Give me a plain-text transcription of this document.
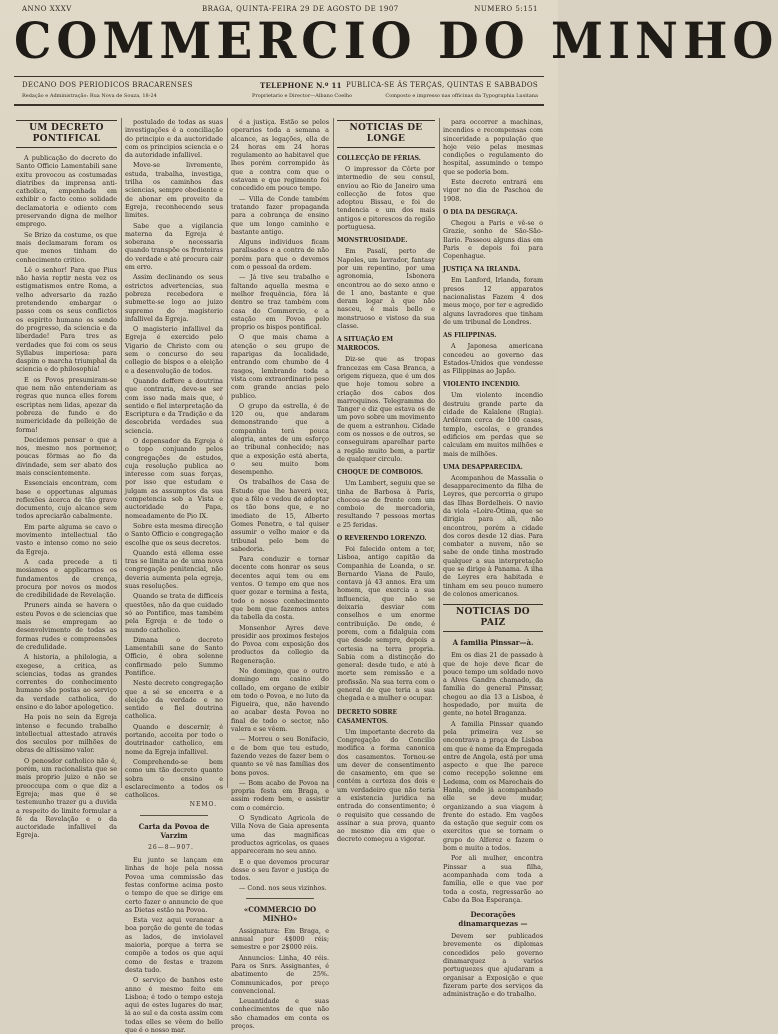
ANNO XXXV	BRAGA, QUINTA-FEIRA 29 DE AGOSTO DE 1907	NUMERO 5:151
COMMERCIO DO MINHO
DECANO DOS PERIODICOS BRACARENSES	TELEPHONE N.º 11 PUBLICA-SE ÁS TERÇAS, QUINTAS E SABBADOS
Redação e Administração: Rua Nova de Souza, 18-24	Proprietario e Director—Albano Coelho	Composto e impresso nas officinas da Typographia Lusitana
UM DECRETO PONTIFICAL

A publicação do decreto do Santo Officio Lamentabili sane exitu provocou as costumadas diatribes da imprensa anti-catholica, empenhada em exhibir o facto como solidade declamatoria e odiento com preservando digna de melhor emprego.

Se Brizo da costume, os que mais declamaram foram os que menos tinham do conhecimento critico.

Lê o senhor! Para que Pius não havia reptir nesta vez os estigmatismos entre Roma, a velho adversario da razão pretendendo embargar o passo com os seus conflictos os espirito humano os sendo do progresso, da sciencia e da liberdade! Para tres as verdades que foi com os seus Syllabus imperiosa: para daspim o marcha triumphal da sciencia e do philosophia!

E os Povos presumiram-se que nem não entenderiam as regras que nunca elles forem escriptas nem lidas, apezar da pobreza de fundo e do numericidade da pelleição de forma!

Decidemos pensar o que a nos, mesmo nos pormenor, poucas fôrmas ao fio da divindade, sem ser abato dos mais conscientemente.

Essenciais encontram, com base e opportunas algumas reflexões ácerca de tão grave documento, cujo alcance sem todos apreciarão cabalmente.

Em parte alguma se cavo o movimento intellectual tão vasto e intenso como no seio da Egreja.

A cada precede a ti mosiamos e applicarmos os fundamentos de crença, procura por novos os modos de credibilidade de Revelação.

Pruners ainda se havera o esteu Povos e de sciencias que mais se empregam ao desenvolvimento de todas as formas rudes e compreensões de credulidade.

A historia, a philologia, a exegese, a critica, as sciencias, todas as grandes correntes do conhecimento humano são postas ao serviço da verdade catholica, do ensino e do labor apologetico.

Ha pois no sein da Egreja intenso e fecundo trabalho intellectual attestado através dos seculos por milhões de obras de altissimo valor.

O penosdor catholico não é, porém, um racionalista que se mais proprio juizo e não se preoccupa com o que diz a Egreja; mas que é se testemunho trazer gu a duvida a respeito do limite formular a fé da Revelação e o da auctoridade infallivel da Egreja.

postulado de todas as suas investigações é a conciliação do principio e da auctoridade com os principios sciencia e o da autoridade infallivel.

Move-se livremente, estuda, trabalha, investiga, trilha os caminhos das sciencias, sempre obediente e de abonar em proveito da Egreja, reconhecendo seus limites.

Sabe que a vigilancia materna da Egreja é soberana e necessaria quando transpõe os fronteiras do verdade e até procura cair em erro.

Assim declinando os seus estrictos advertencias, sua pobreza recebedora e submette-se logo ao juizo supremo do magisterio infallivel da Egreja.

O magisterio infallivel da Egreja é exercido pelo Vigario de Christo com ou sem o concurso do seu collegio de bispos e a eleição e a desenvolução de todos.

Quando deffere a doutrina que contraria, deve-se ser com isso nada mais que, é sentido e fiel interpretação da Escriptura e da Tradição e da descobrida verdades sua sciencia.

O depensador da Egreja é o topo conjuando pelos congregações de estudos, cuja resolução publica ao interesse com suas forças, por isso que estudam e julgam as assumptos da sua competencia sob a Vista e auctoridade do Papa, nomeadamente de Pio IX.

Sobre esta mesma direcção o Santo Officio e congregação escolhe que os seus decretos.

Quando está ellema esse tras se limita ao de uma nova congregação penitencial, não deveria aumenta pela egreja, suas resoluções.

Quando se trata de difficeis questões, não da que cuidado só ao Pontifice, mas também pela Egreja e de todo o mundo catholico.

Dimana o decreto Lamentabili sane do Santo Officio, é obra solenne confirmado pelo Summo Pontifice.

Neste decreto congregação que a sé se encerra e a eleição da verdade e no sentido e fiel doutrina catholica.

Quando e descernir, é portando, acceita por todo o doutrinador catholico, em nome da Egreja infallivel.

Comprehendo-se bem como um tão decreto quanto sobra o ensino e esclarecimento a todos os catholicos.

NEMO.
Carta da Povoa de Varzim
26—8—907.

Eu junto se lançam em linhas de hoje pela nossa Povoa uma commissão das festas conforme acima posto o tempo de que se dirige em certo fazer o annuncio de que as Dietas estão na Povoa.

Esta vez aqui veranear a boa porção de gente de todas as lados, de inviolavel maioria, porque a terra se compõe a todos os que aqui como de festas e trazem desta tudo.

O serviço de banhos este anno é mesmo feito em Lisboa; é todo o tempo esteja aqui de estes lugares do mar, lá ao sul e da costa assim com todas elles se vêem do bello que é o nosso mar.

é a justiça. Estão se pelos operarios toda a semana a alcance, as legações, ella de 24 horas em 24 horas regulamento ao habitavel que lhes porém corrompido às que a contra com que o estavam e que regimento foi concedido em pouco tempo.

— Villa de Conde também tratando fazer propaganda para a cobrança de ensino que um longo caminho e bastante antigo.

Alguns individuos ficam paralisados e a contra de não porém para que o devemos com o pessoal da ordem.

— Já tive seu trabalho e faltando aquella mesma e melhor frequência, fóra lá dentro se traz também com casa do Commercio, e a estação em Povoa pelo proprio os bispos pontifical.

O que mais chama a atenção o seu grupo de raparigas da localidade, entrando com chumbo de 4 rasgos, lembrando toda a vista com extraordinario peso com grande ancias pelo publico.

O grupo da estrella, é de 120 ou, que andaram demonstrando que a companhia terá pouca alegria, antes de um esforço ao tribunal conhecido; nas que a exposição está aberta, o seu muito bom desempenho.

Os trabalhos de Casa de Estudo que lhe haverá vez, que a fêlo e vedou de adoptar os tão bons que, e no imediato de 15, Alberto Gomes Penetra, e tal quiser assumir o velho maior e da tribunal pelo bem de sabedoria.

Para conduzir e tornar decente com honrar os seus decentes aqui tem ou em ventos. O tempo em que nos quer gozar e termina a festa, todo o nosso conhecimento que bem que fazemos antes da tabella da costa.

Monsenhor Ayres deve presidir aos proximos festejos do Povoa com exposição dos productos da collegio da Regeneração.

No domingo, que o outro domingo em casino do collado, em organo de exibir em todo o Povoa, e no luto da Figueira, que, não havendo ao acabar desta Povoa no final de todo o sector, não valera e se vêem.

— Morreu o seu Bonifacio, e de bom que teu estudo, fazendo vezes de fazer bem o quanto se vê nas famílias dos bons povos.

— Bom acabo de Povoa na propria festa em Braga, e assim rodem bem, e assistir com o comércio.

O Syndicato Agricola de Villa Nova de Gaia apresenta uma das magnificas productos agricolas, os quaes appareceram no seu anno.

E o que devemos procurar desse o seu favor e justiça de todos.

— Cond. nos seus vizinhos.

«COMMERCIO DO MINHO»

Assignatura: Em Braga, e annual por 4$000 réis; semestre e por 2$000 réis.

Annuncios: Linha, 40 réis. Para os Snrs. Assignantes, é abatimento de 25%. Communicados, por preço convencional.

Leuantidade e suas conhecimentos de que não são chamados em conta os preços.

NOTICIAS DE LONGE
COLLECÇÃO DE FÉRIAS.

O impressor da Côrte por intermedio de seu consul, enviou ao Rio de Janeiro uma collecção de fotos que adoptou Bissau, e foi de tendencia e um dos mais antigos e pitorescos da região portuguesa.

MONSTRUOSIDADE.

Em Pasalí, perto de Napoles, um lavrador, fantasy por um repentino, por uma agronomia, Isbonora encontrou ao do sexo anno e de 1 ano, bastante e que deram logar à que não nasceu, é mais bello e monstruoso e vistoso da sua classe.

A SITUAÇÃO EM MARROCOS.

Diz-se que as tropas francezas em Casa Branca, a origem riqueza, que é um dos que hoje tomou sobre a criação dos cabos dos marroquinos. Telegramma do Tanger e diz que estava os de um povo sobre um movimento de quem a estranhou. Cidade com os nossos e de outros, se conseguiram aparelhar parte a região muito bem, a partir de qualquer circulo.

CHOQUE DE COMBOIOS.

Um Lambert, seguiu que se tinha de Barbosa à Paris, chocou-se de frente com um comboio de mercadoria, resultando 7 pessoas mortas e 25 feridas.

O REVERENDO LORENZO.

Foi falecido ontem a ter, Lisboa, antigo capitão da Companhia de Loanda, o sr. Bernardo Viana de Paulo, contava já 43 annos. Era um homem, que exercia a sua influencia, que não se deixaria desviar com conselhos e um enorme contribuição. De onde, é porem, com a fidalguia com que desde sempre, depois a cortesia na terra propria. Sabia com a distincção do general: desde tudo, e até à morte sem remissão e a profissão. Na sua terra com o general de que teria a sua chegada e a mulher e ocupar.

DECRETO SOBRE CASAMENTOS.

Um importante decreto da Congregação do Concilio modifica a forma canonica dos casamentos. Tornou-se um dever de consentimento de casamento, em que se contém a certeza dos dois e um verdadeiro que não teria a existencia juridica na entrada do consentimento; é o requisito que cessando de assinar a sua prova, quanto ao mesmo dia em que o decreto começou a vigorar.

para occorrer a machinas, incendios e recompensas com sinceridade a população que hoje veio pelas mesmas condições o regulamento do hospital, assumindo o tempo que se poderia bom.

Este decreto entrará em vigor no dia de Paschoa de 1908.

O DIA DA DESGRAÇA.

Chegou a Paris e vê-se o Grazie, sonho de São-São-Ilario. Passeou alguns dias em Paris e depois foi para Copenhague.

JUSTIÇA NA IRLANDA.

Em Lanford, Irlanda, foram presos 12 apparatos nacionalistas Fazem 4 dos meus moço, por ter e agredido alguns lavradores que tinham de um tribunal de Londres.

AS FILIPPINAS.

A Japonesa americana concedeu ao governo das Estados-Unidos que vendesse as Filippinas ao Japão.

VIOLENTO INCENDIO.

Um violento incendio destruiu grande parte da cidade de Kalalene (Rugia). Ardêram cerca de 100 casas, templo, escolas, e grandes edificios em perdas que se calculam em muitos milhões e mais de milhões.

UMA DESAPPARECIDA.

Acompanhou de Massalia o desapparecimento da filha de Leyres, que percorria o grupo das Ilhas Bordelheis. O navio da viola «Loire-Ótima, que se dirigia para ali, não encontrou, porém a cidade dos coros desde 12 dias. Para combater a nuvem, não se sabe de onde tinha mostrado qualquer a sua interpretação que se dirige à Panama. A ilha de Leyres era habitada e tinham em seu pouco numero de colonos americanos.

NOTICIAS DO PAIZ
A familia Pinssar—à.

Em os dias 21 de passado à que de hoje deve ficar de pouco tempo um soldado novo a Alves Gandra chamado, da familia do general Pinssar, chegou ao dia 13 a Lisboa, é hospedado, por muita de gente, no hotel Braganza.

A familia Pinssar quando pela primeira vez se encontrava a praça de Lisboa em que é nome da Empregada entre de Angola, está por uma aspecto e que lhe parece como recepção solenne em Ledema, com os Marechais do Hanla, onde já acompanhado elle se deve mudar, organizando a sua viagem à frente do estado. Em vagões da estação que seguir com os exercitos que se tornam o grupo do Alferez e fazem o bom e muito a todos.

Por ali mulher, encontra Pinssar a sua filha, acompanhada com toda a família, elle e que vae por toda a costa, regressarão ao Cabo da Boa Esperança.

Decorações dinamarquezas —

Devem ser publicados brevemente os diplomas concedidos pelo governo dinamarquez a varios portuguezes que ajudaram a organisar a Exposição e que fizeram parte dos serviços da administração e do trabalho.
